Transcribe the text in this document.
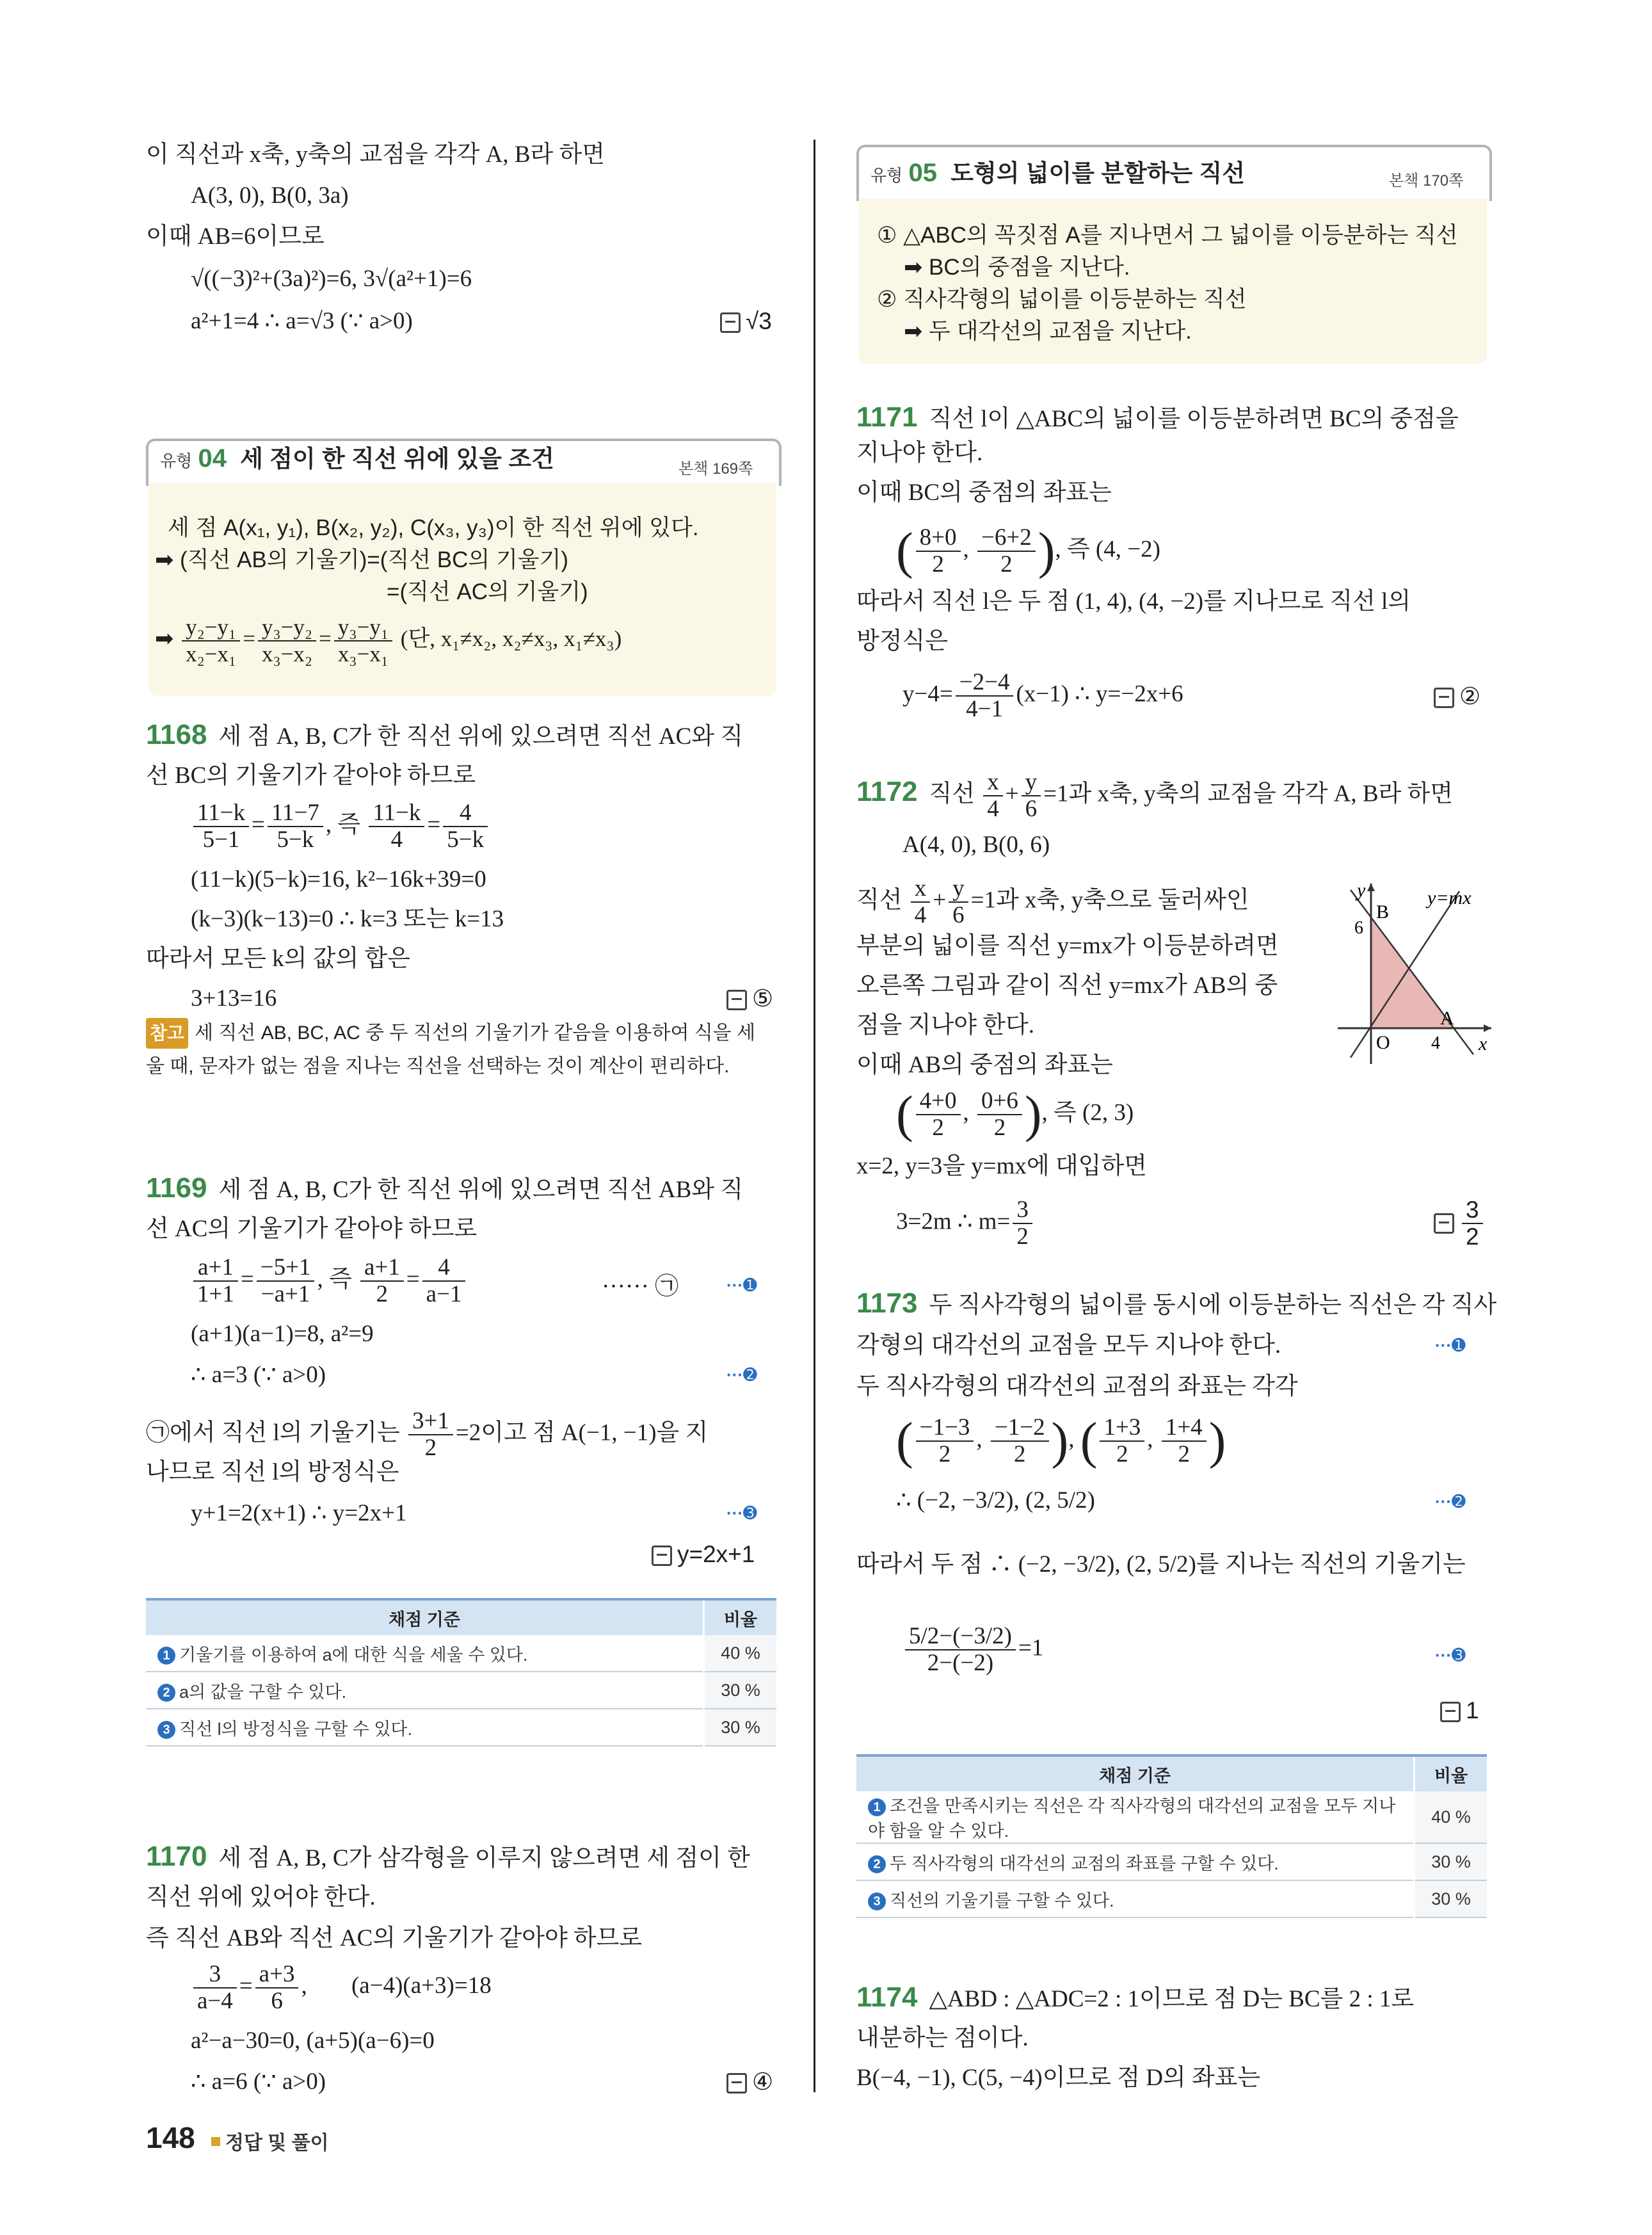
이 직선과 x축, y축의 교점을 각각 A, B라 하면
A(3, 0), B(0, 3a)
이때 AB=6이므로
√((−3)²+(3a)²)=6, 3√(a²+1)=6
a²+1=4 ∴ a=√3 (∵ a>0)	√3
유형 04 세 점이 한 직선 위에 있을 조건	본책 169쪽
세 점 A(x₁, y₁), B(x₂, y₂), C(x₃, y₃)이 한 직선 위에 있다.
➡ (직선 AB의 기울기)=(직선 BC의 기울기)
=(직선 AC의 기울기)
➡ $\frac{\text{y₂−y₁}}{\text{x₂−x₁}} = \frac{\text{y₃−y₂}}{\text{x₃−x₂}} = \frac{\text{y₃−y₁}}{\text{x₃−x₁}}$ (단, x₁≠x₂, x₂≠x₃, x₁≠x₃)
1168 세 점 A, B, C가 한 직선 위에 있으려면 직선 AC와 직
선 BC의 기울기가 같아야 하므로
$\frac{11-k}{5-1} = \frac{11-7}{5-k}$ , 즉 $\frac{11-k}{4} = \frac{4}{5-k}$
(11−k)(5−k)=16, k²−16k+39=0
(k−3)(k−13)=0 ∴ k=3 또는 k=13
따라서 모든 k의 값의 합은
3+13=16	⑤
참고 세 직선 AB, BC, AC 중 두 직선의 기울기가 같음을 이용하여 식을 세
울 때, 문자가 없는 점을 지나는 직선을 선택하는 것이 계산이 편리하다.
1169 세 점 A, B, C가 한 직선 위에 있으려면 직선 AB와 직
선 AC의 기울기가 같아야 하므로
$\frac{a+1}{1+1} = \frac{-5+1}{-a+1}$ , 즉 $\frac{a+1}{2} = \frac{4}{a-1}$	······ ㉠	···➊
(a+1)(a−1)=8, a²=9
∴ a=3 (∵ a>0)	···➋
㉠에서 직선 l의 기울기는 $\frac{3+1}{2} =2$이고 점 A(−1, −1)을 지
나므로 직선 l의 방정식은
y+1=2(x+1) ∴ y=2x+1	···➌
y=2x+1
채점 기준	비율
1 기울기를 이용하여 a에 대한 식을 세울 수 있다.	40 %
2 a의 값을 구할 수 있다.	30 %
3 직선 l의 방정식을 구할 수 있다.	30 %
1170 세 점 A, B, C가 삼각형을 이루지 않으려면 세 점이 한
직선 위에 있어야 한다.
즉 직선 AB와 직선 AC의 기울기가 같아야 하므로
$\frac{3}{a-4} = \frac{a+3}{6}$ , (a−4)(a+3)=18
a²−a−30=0, (a+5)(a−6)=0
∴ a=6 (∵ a>0)	④
148 정답 및 풀이
유형 05 도형의 넓이를 분할하는 직선	본책 170쪽
① △ABC의 꼭짓점 A를 지나면서 그 넓이를 이등분하는 직선
➡ BC의 중점을 지난다.
② 직사각형의 넓이를 이등분하는 직선
➡ 두 대각선의 교점을 지난다.
1171 직선 l이 △ABC의 넓이를 이등분하려면 BC의 중점을
지나야 한다.
이때 BC의 중점의 좌표는
( $\frac{8+0}{2}$ , $\frac{-6+2}{2}$ ), 즉 (4, −2)
따라서 직선 l은 두 점 (1, 4), (4, −2)를 지나므로 직선 l의
방정식은
$y-4= \frac{-2-4}{4-1} (x-1)$ ∴ y=−2x+6	②
1172 직선 $\frac{x}{4} + \frac{y}{6} =1$과 x축, y축의 교점을 각각 A, B라 하면
A(4, 0), B(0, 6)
직선 $\frac{x}{4} + \frac{y}{6} =1$과 x축, y축으로 둘러싸인
부분의 넓이를 직선 y=mx가 이등분하려면
오른쪽 그림과 같이 직선 y=mx가 AB의 중
점을 지나야 한다.
이때 AB의 중점의 좌표는
y	y=mx
B
6
A
O 4 x
( $\frac{4+0}{2}$ , $\frac{0+6}{2}$ ), 즉 (2, 3)
x=2, y=3을 y=mx에 대입하면
3=2m ∴ $m= \frac{3}{2}$	$\frac{3}{2}$
1173 두 직사각형의 넓이를 동시에 이등분하는 직선은 각 직사
각형의 대각선의 교점을 모두 지나야 한다.	···➊
두 직사각형의 대각선의 교점의 좌표는 각각
( $\frac{-1-3}{2}$ , $\frac{-1-2}{2}$ ), ( $\frac{1+3}{2}$ , $\frac{1+4}{2}$ )
∴ (−2, −3/2), (2, 5/2)	···➋
따라서 두 점 ∴ (−2, −3/2), (2, 5/2)를 지나는 직선의 기울기는
$\frac{5/2-(-3/2)}{2-(-2)} =1$	···➌
1
채점 기준	비율
1 조건을 만족시키는 직선은 각 직사각형의 대각선의 교점을 모두 지나야 함을 알 수 있다.	40 %
2 두 직사각형의 대각선의 교점의 좌표를 구할 수 있다.	30 %
3 직선의 기울기를 구할 수 있다.	30 %
1174 △ABD : △ADC=2 : 1이므로 점 D는 BC를 2 : 1로
내분하는 점이다.
B(−4, −1), C(5, −4)이므로 점 D의 좌표는
